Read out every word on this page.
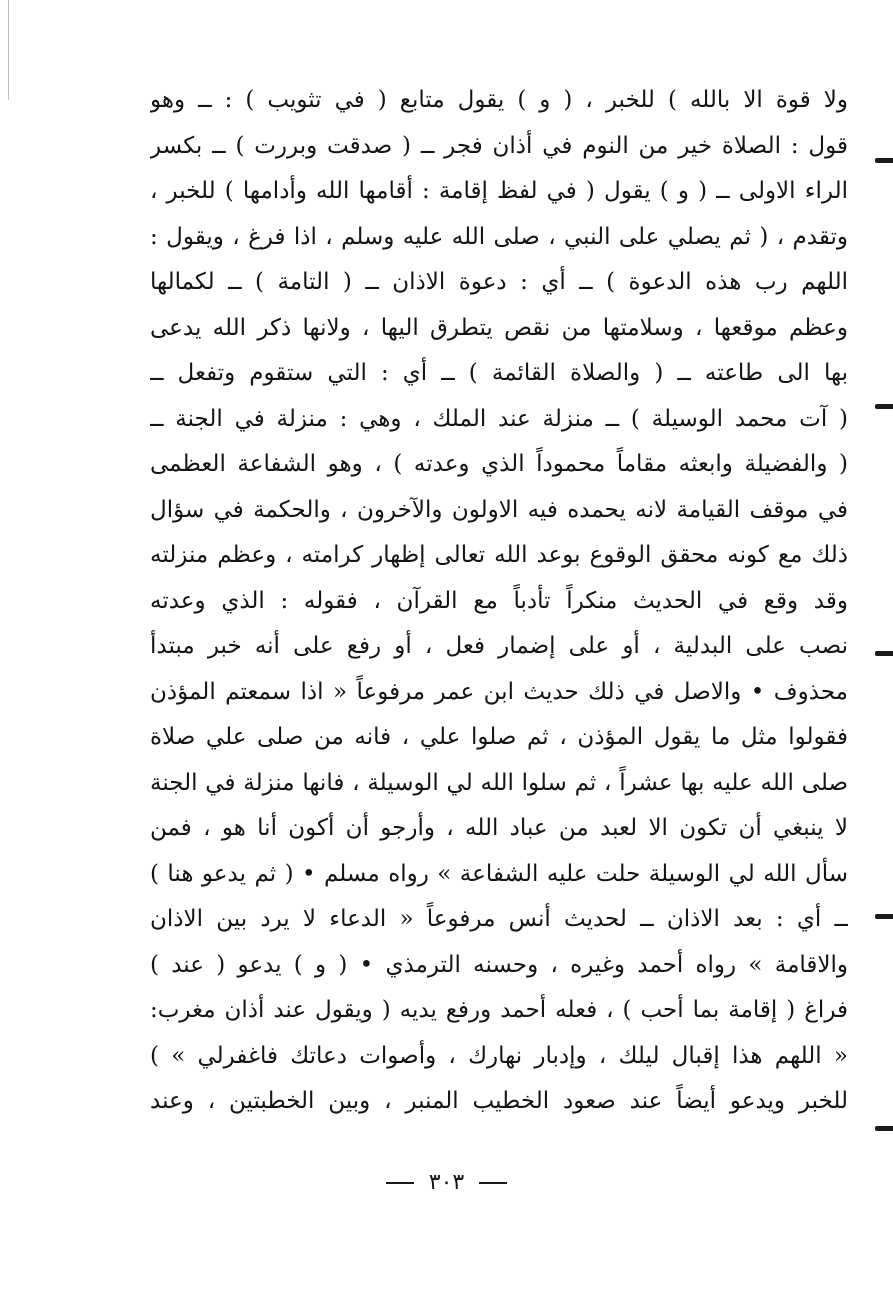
ولا قوة الا بالله ) للخبر ، ( و ) يقول متابع ( في تثويب ) : ــ وهو
قول : الصلاة خير من النوم في أذان فجر ــ ( صدقت وبررت ) ــ بكسر
الراء الاولى ــ ( و ) يقول ( في لفظ إقامة : أقامها الله وأدامها ) للخبر ،
وتقدم ، ( ثم يصلي على النبي ، صلى الله عليه وسلم ، اذا فرغ ، ويقول :
اللهم رب هذه الدعوة ) ــ أي : دعوة الاذان ــ ( التامة ) ــ لكمالها
وعظم موقعها ، وسلامتها من نقص يتطرق اليها ، ولانها ذكر الله يدعى
بها الى طاعته ــ ( والصلاة القائمة ) ــ أي : التي ستقوم وتفعل ــ
( آت محمد الوسيلة ) ــ منزلة عند الملك ، وهي : منزلة في الجنة ــ
( والفضيلة وابعثه مقاماً محموداً الذي وعدته ) ، وهو الشفاعة العظمى
في موقف القيامة لانه يحمده فيه الاولون والآخرون ، والحكمة في سؤال
ذلك مع كونه محقق الوقوع بوعد الله تعالى إظهار كرامته ، وعظم منزلته
وقد وقع في الحديث منكراً تأدباً مع القرآن ، فقوله : الذي وعدته
نصب على البدلية ، أو على إضمار فعل ، أو رفع على أنه خبر مبتدأ
محذوف • والاصل في ذلك حديث ابن عمر مرفوعاً « اذا سمعتم المؤذن
فقولوا مثل ما يقول المؤذن ، ثم صلوا علي ، فانه من صلى علي صلاة
صلى الله عليه بها عشراً ، ثم سلوا الله لي الوسيلة ، فانها منزلة في الجنة
لا ينبغي أن تكون الا لعبد من عباد الله ، وأرجو أن أكون أنا هو ، فمن
سأل الله لي الوسيلة حلت عليه الشفاعة » رواه مسلم • ( ثم يدعو هنا )
ــ أي : بعد الاذان ــ لحديث أنس مرفوعاً « الدعاء لا يرد بين الاذان
والاقامة » رواه أحمد وغيره ، وحسنه الترمذي • ( و ) يدعو ( عند )
فراغ ( إقامة بما أحب ) ، فعله أحمد ورفع يديه ( ويقول عند أذان مغرب:
« اللهم هذا إقبال ليلك ، وإدبار نهارك ، وأصوات دعاتك فاغفرلي » )
للخبر ويدعو أيضاً عند صعود الخطيب المنبر ، وبين الخطبتين ، وعند
٣٠٣
